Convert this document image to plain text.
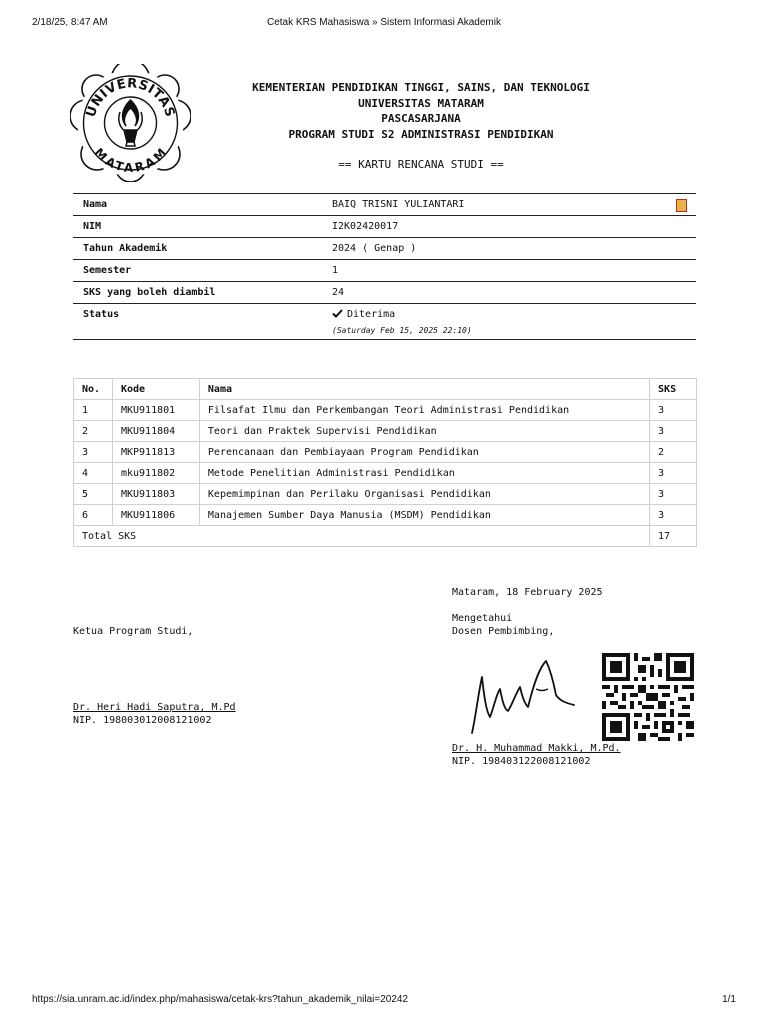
2/18/25, 8:47 AM	Cetak KRS Mahasiswa » Sistem Informasi Akademik
UNIVERSITAS
MATARAM
KEMENTERIAN PENDIDIKAN TINGGI, SAINS, DAN TEKNOLOGI
UNIVERSITAS MATARAM
PASCASARJANA
PROGRAM STUDI S2 ADMINISTRASI PENDIDIKAN
== KARTU RENCANA STUDI ==
Nama	BAIQ TRISNI YULIANTARI
NIM	I2K02420017
Tahun Akademik	2024 ( Genap )
Semester	1
SKS yang boleh diambil	24
Status	Diterima
(Saturday Feb 15, 2025 22:10)
No.	Kode	Nama	SKS
1	MKU911801	Filsafat Ilmu dan Perkembangan Teori Administrasi Pendidikan	3
2	MKU911804	Teori dan Praktek Supervisi Pendidikan	3
3	MKP911813	Perencanaan dan Pembiayaan Program Pendidikan	2
4	mku911802	Metode Penelitian Administrasi Pendidikan	3
5	MKU911803	Kepemimpinan dan Perilaku Organisasi Pendidikan	3
6	MKU911806	Manajemen Sumber Daya Manusia (MSDM) Pendidikan	3
Total SKS			17
Mataram, 18 February 2025
Mengetahui
Dosen Pembimbing,
Ketua Program Studi,
Dr. Heri Hadi Saputra, M.Pd
NIP. 198003012008121002
Dr. H. Muhammad Makki, M.Pd.
NIP. 198403122008121002
https://sia.unram.ac.id/index.php/mahasiswa/cetak-krs?tahun_akademik_nilai=20242	1/1
